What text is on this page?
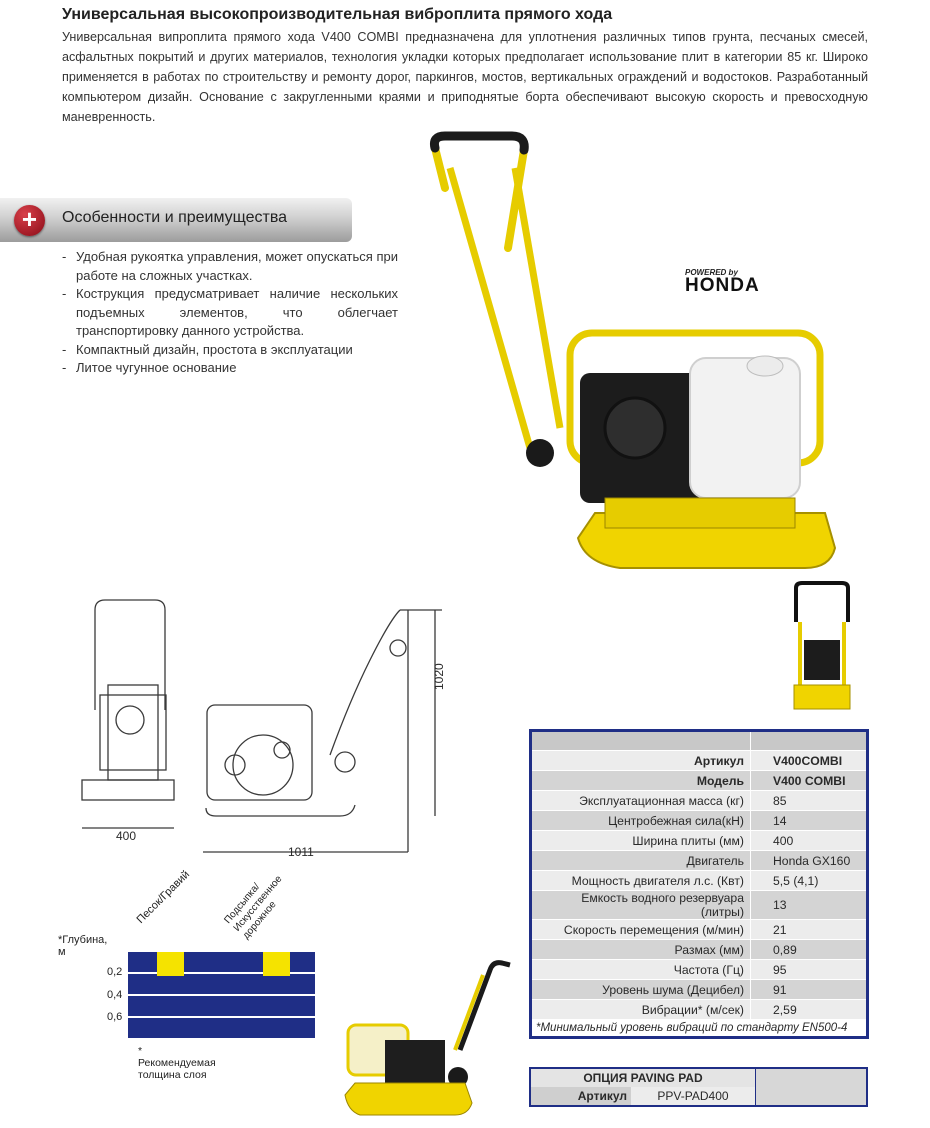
Универсальная высокопроизводительная виброплита прямого хода
Универсальная випроплита прямого хода V400 COMBI предназначена для уплотнения различных типов грунта, песчаных смесей, асфальтных покрытий и других материалов, технология укладки которых предполагает использование плит в категории 85 кг. Широко применяется в работах по строительству и ремонту дорог, паркингов, мостов, вертикальных ограждений и водостоков. Разработанный компьютером дизайн. Основание с закругленными краями и приподнятые борта обеспечивают высокую скорость и превосходную маневренность.
+	Особенности и преимущества
- Удобная рукоятка управления, может опускаться при работе на сложных участках.
- Кострукция предусматривает наличие нескольких подъемных элементов, что облегчает транспортировку данного устройства.
- Компактный дизайн, простота в эксплуатации
- Литое чугунное основание
POWERED by
HONDA
400
1011
1020
*Глубина, м
Песок/Гравий	Подсыпка/ Искусственное дорожное
0,2
0,4
0,6
* Рекомендуемая толщина слоя

Артикул	V400COMBI
Модель	V400 COMBI
Эксплуатационная масса (кг)	85
Центробежная сила(кН)	14
Ширина плиты (мм)	400
Двигатель	Honda GX160
Мощность двигателя л.с. (Квт)	5,5 (4,1)
Емкость водного резервуара (литры)	13
Скорость перемещения (м/мин)	21
Размах (мм)	0,89
Частота (Гц)	95
Уровень шума (Децибел)	91
Вибрации* (м/сек)	2,59
*Минимальный уровень вибраций по стандарту EN500-4	
ОПЦИЯ PAVING PAD		
Артикул	PPV-PAD400	
